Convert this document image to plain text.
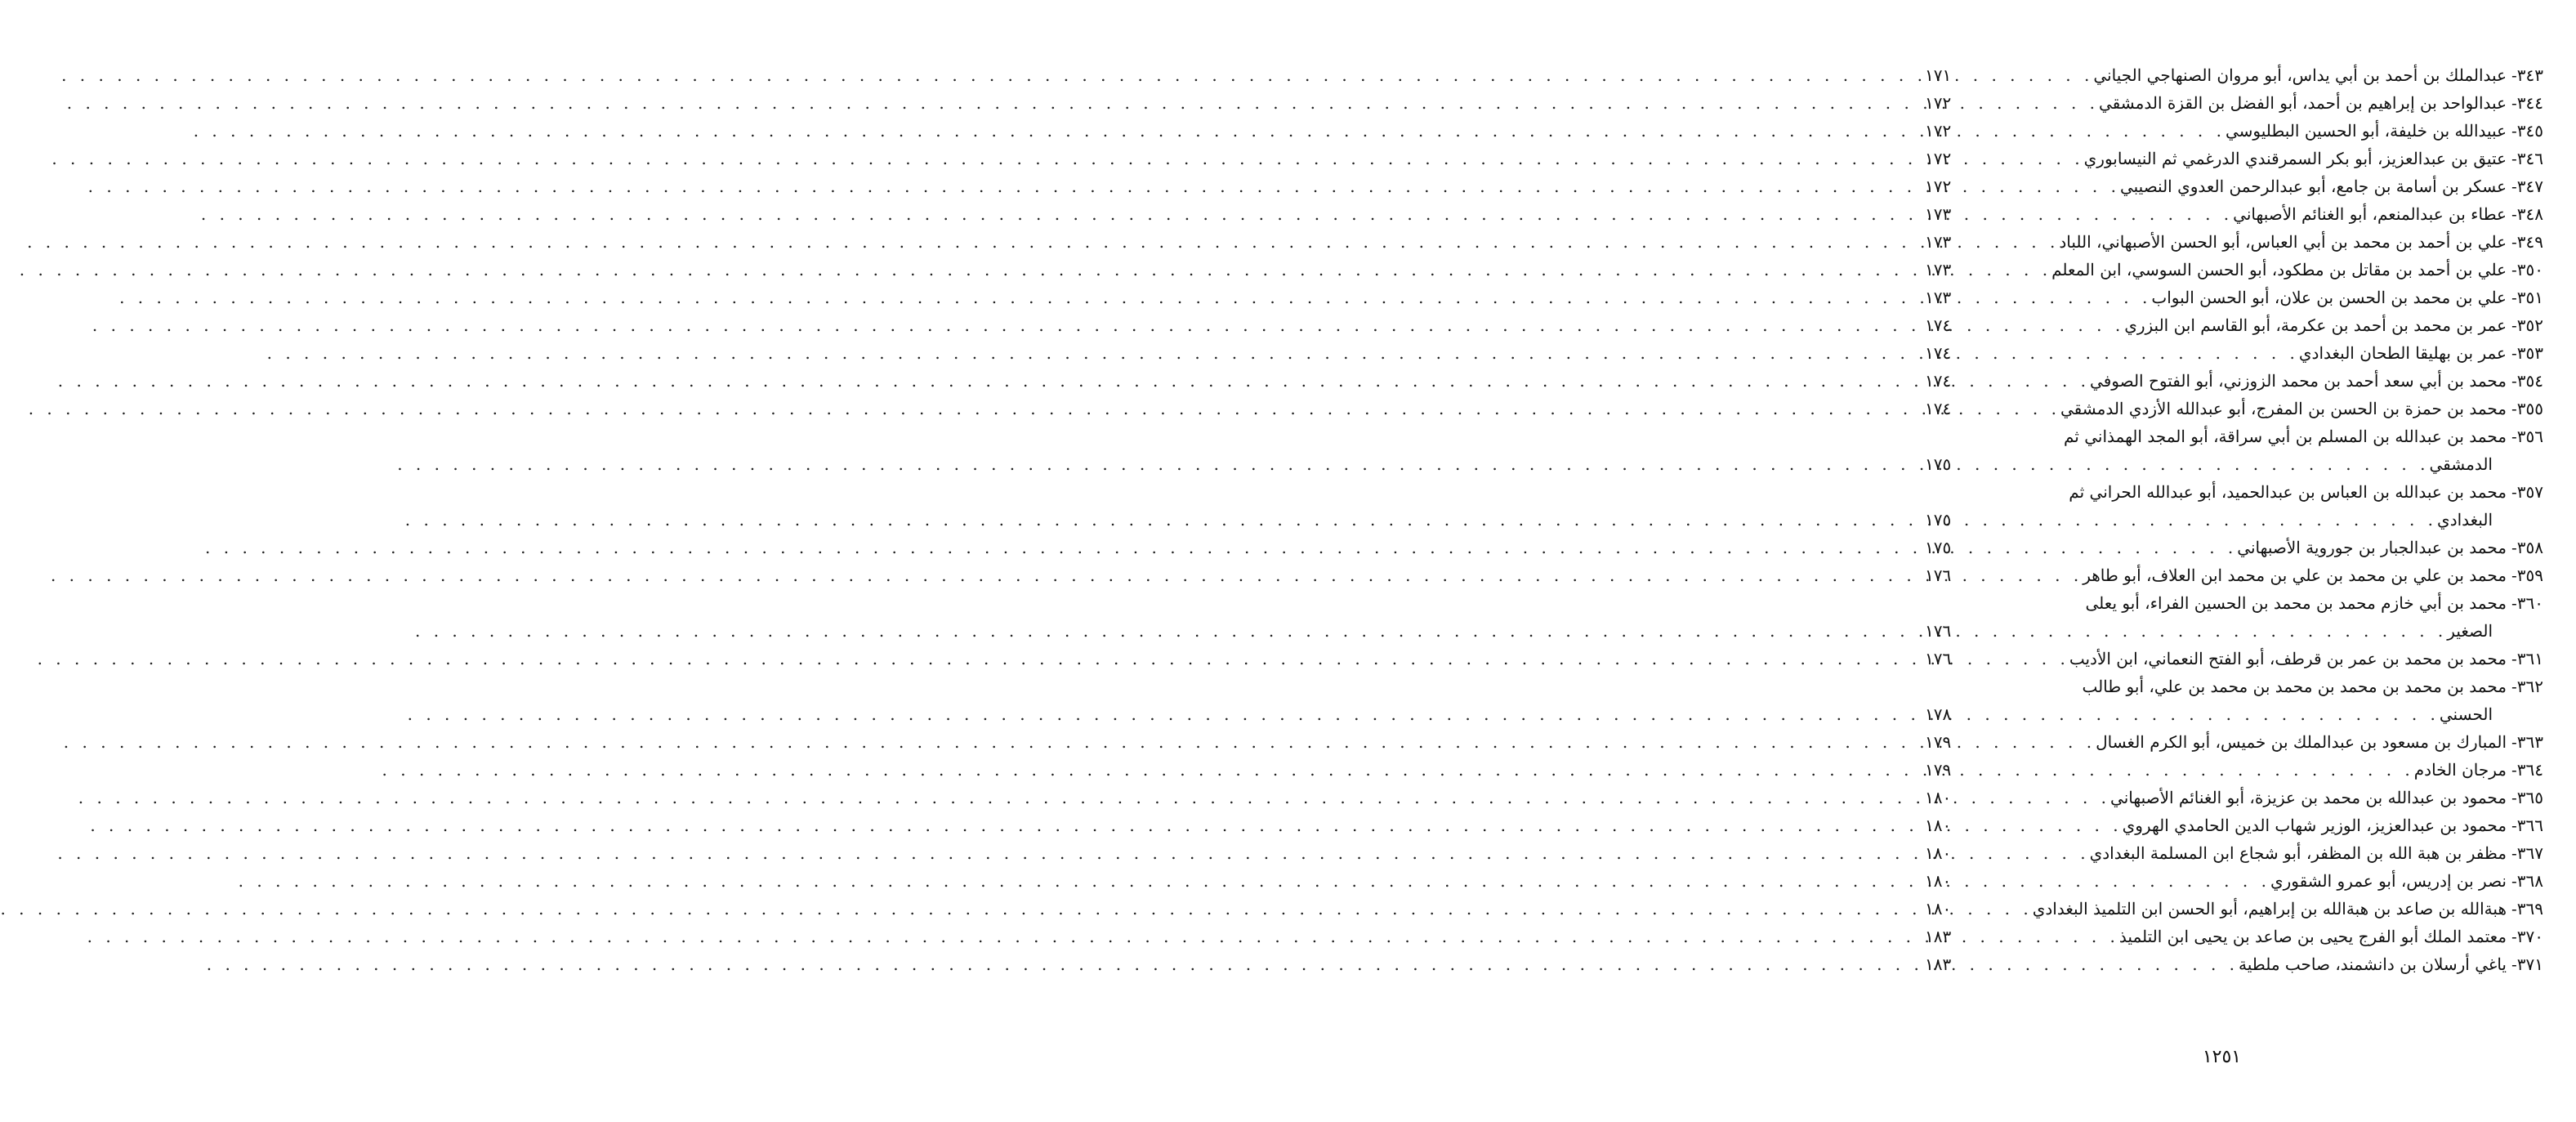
٣٤٣-
عبدالملك بن أحمد بن أبي يداس، أبو مروان الصنهاجي الجياني
. . .
١٧١
٣٤٤-
عبدالواحد بن إبراهيم بن أحمد، أبو الفضل بن القزة الدمشقي
. . .
١٧٢
٣٤٥-
عبيدالله بن خليفة، أبو الحسين البطليوسي
. . .
١٧٢
٣٤٦-
عتيق بن عبدالعزيز، أبو بكر السمرقندي الدرغمي ثم النيسابوري
. . .
١٧٢
٣٤٧-
عسكر بن أسامة بن جامع، أبو عبدالرحمن العدوي النصيبي
. . .
١٧٢
٣٤٨-
عطاء بن عبدالمنعم، أبو الغنائم الأصبهاني
. . .
١٧٣
٣٤٩-
علي بن أحمد بن محمد بن أبي العباس، أبو الحسن الأصبهاني، اللباد
. . .
١٧٣
٣٥٠-
علي بن أحمد بن مقاتل بن مطكود، أبو الحسن السوسي، ابن المعلم
. . .
١٧٣
٣٥١-
علي بن محمد بن الحسن بن علان، أبو الحسن البواب
. . .
١٧٣
٣٥٢-
عمر بن محمد بن أحمد بن عكرمة، أبو القاسم ابن البزري
. . .
١٧٤
٣٥٣-
عمر بن بهليقا الطحان البغدادي
. . .
١٧٤
٣٥٤-
محمد بن أبي سعد أحمد بن محمد الزوزني، أبو الفتوح الصوفي
. . .
١٧٤
٣٥٥-
محمد بن حمزة بن الحسن بن المفرج، أبو عبدالله الأزدي الدمشقي
. . .
١٧٤
٣٥٦-
محمد بن عبدالله بن المسلم بن أبي سراقة، أبو المجد الهمذاني ثم
الدمشقي
. . .
١٧٥
٣٥٧-
محمد بن عبدالله بن العباس بن عبدالحميد، أبو عبدالله الحراني ثم
البغدادي
. . .
١٧٥
٣٥٨-
محمد بن عبدالجبار بن جوروية الأصبهاني
. . .
١٧٥
٣٥٩-
محمد بن علي بن محمد بن علي بن محمد ابن العلاف، أبو طاهر
. . .
١٧٦
٣٦٠-
محمد بن أبي خازم محمد بن محمد بن الحسين الفراء، أبو يعلى
الصغير
. . .
١٧٦
٣٦١-
محمد بن محمد بن عمر بن قرطف، أبو الفتح النعماني، ابن الأديب
. . .
١٧٦
٣٦٢-
محمد بن محمد بن محمد بن محمد بن محمد بن علي، أبو طالب
الحسني
. . .
١٧٨
٣٦٣-
المبارك بن مسعود بن عبدالملك بن خميس، أبو الكرم الغسال
. . .
١٧٩
٣٦٤-
مرجان الخادم
. . .
١٧٩
٣٦٥-
محمود بن عبدالله بن محمد بن عزيزة، أبو الغنائم الأصبهاني
. . .
١٨٠
٣٦٦-
محمود بن عبدالعزيز، الوزير شهاب الدين الحامدي الهروي
. . .
١٨٠
٣٦٧-
مظفر بن هبة الله بن المظفر، أبو شجاع ابن المسلمة البغدادي
. . .
١٨٠
٣٦٨-
نصر بن إدريس، أبو عمرو الشقوري
. . .
١٨٠
٣٦٩-
هبةالله بن صاعد بن هبةالله بن إبراهيم، أبو الحسن ابن التلميذ البغدادي
. . .
١٨٠
٣٧٠-
معتمد الملك أبو الفرج يحيى بن صاعد بن يحيى ابن التلميذ
. . .
١٨٣
٣٧١-
ياغي أرسلان بن دانشمند، صاحب ملطية
. . .
١٨٣
١٢٥١
